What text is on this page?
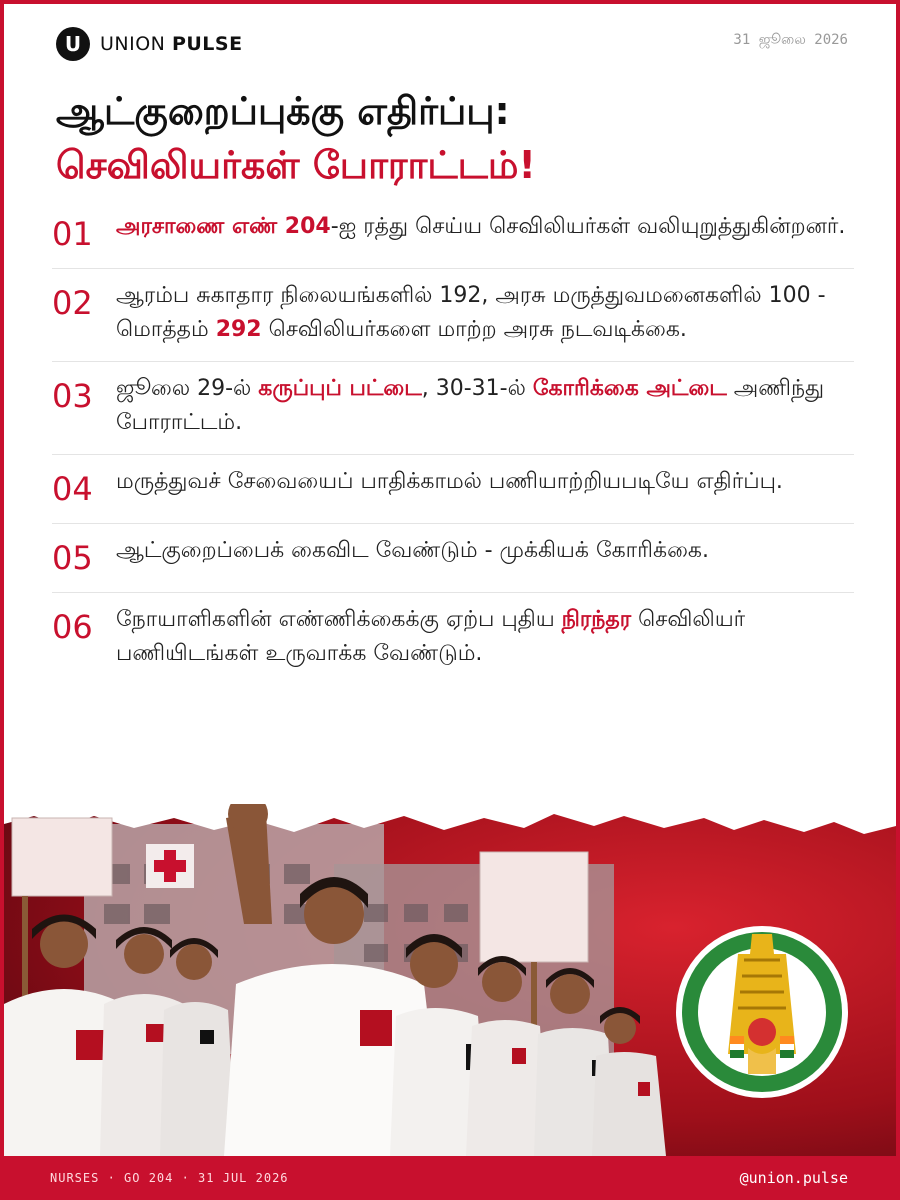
U UNION PULSE	31 ஜூலை 2026
ஆட்குறைப்புக்கு எதிர்ப்பு:
செவிலியர்கள் போராட்டம்!
01	அரசாணை எண் 204-ஐ ரத்து செய்ய செவிலியர்கள் வலியுறுத்துகின்றனர்.
02	ஆரம்ப சுகாதார நிலையங்களில் 192, அரசு மருத்துவமனைகளில் 100 - மொத்தம் 292 செவிலியர்களை மாற்ற அரசு நடவடிக்கை.
03	ஜூலை 29-ல் கருப்புப் பட்டை, 30-31-ல் கோரிக்கை அட்டை அணிந்து போராட்டம்.
04	மருத்துவச் சேவையைப் பாதிக்காமல் பணியாற்றியபடியே எதிர்ப்பு.
05	ஆட்குறைப்பைக் கைவிட வேண்டும் - முக்கியக் கோரிக்கை.
06	நோயாளிகளின் எண்ணிக்கைக்கு ஏற்ப புதிய நிரந்தர செவிலியர் பணியிடங்கள் உருவாக்க வேண்டும்.
NURSES · GO 204 · 31 JUL 2026	@union.pulse
